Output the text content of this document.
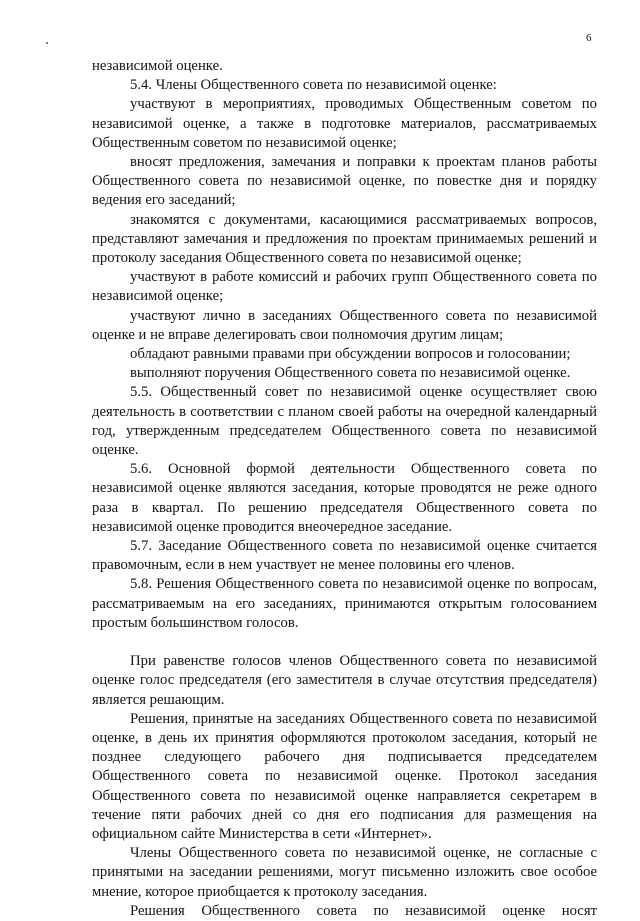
6

независимой оценке.

5.4. Члены Общественного совета по независимой оценке:

участвуют в мероприятиях, проводимых Общественным советом по независимой оценке, а также в подготовке материалов, рассматриваемых Общественным советом по независимой оценке;

вносят предложения, замечания и поправки к проектам планов работы Общественного совета по независимой оценке, по повестке дня и порядку ведения его заседаний;

знакомятся с документами, касающимися рассматриваемых вопросов, представляют замечания и предложения по проектам принимаемых решений и протоколу заседания Общественного совета по независимой оценке;

участвуют в работе комиссий и рабочих групп Общественного совета по независимой оценке;

участвуют лично в заседаниях Общественного совета по независимой оценке и не вправе делегировать свои полномочия другим лицам;

обладают равными правами при обсуждении вопросов и голосовании;

выполняют поручения Общественного совета по независимой оценке.

5.5. Общественный совет по независимой оценке осуществляет свою деятельность в соответствии с планом своей работы на очередной календарный год, утвержденным председателем Общественного совета по независимой оценке.

5.6. Основной формой деятельности Общественного совета по независимой оценке являются заседания, которые проводятся не реже одного раза в квартал. По решению председателя Общественного совета по независимой оценке проводится внеочередное заседание.

5.7. Заседание Общественного совета по независимой оценке считается правомочным, если в нем участвует не менее половины его членов.

5.8. Решения Общественного совета по независимой оценке по вопросам, рассматриваемым на его заседаниях, принимаются открытым голосованием простым большинством голосов.

При равенстве голосов членов Общественного совета по независимой оценке голос председателя (его заместителя в случае отсутствия председателя) является решающим.

Решения, принятые на заседаниях Общественного совета по независимой оценке, в день их принятия оформляются протоколом заседания, который не позднее следующего рабочего дня подписывается председателем Общественного совета по независимой оценке. Протокол заседания Общественного совета по независимой оценке направляется секретарем в течение пяти рабочих дней со дня его подписания для размещения на официальном сайте Министерства в сети «Интернет».

Члены Общественного совета по независимой оценке, не согласные с принятыми на заседании решениями, могут письменно изложить свое особое мнение, которое приобщается к протоколу заседания.

Решения Общественного совета по независимой оценке носят
